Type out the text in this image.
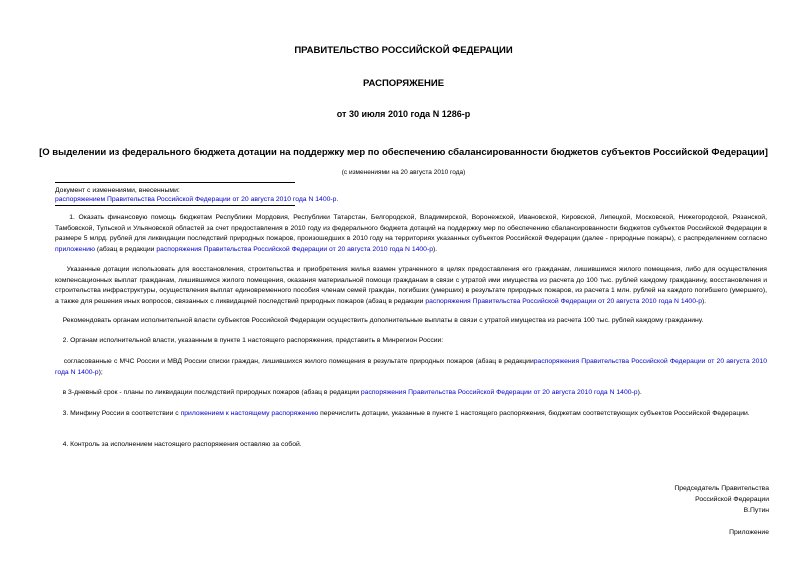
ПРАВИТЕЛЬСТВО РОССИЙСКОЙ ФЕДЕРАЦИИ
РАСПОРЯЖЕНИЕ
от 30 июля 2010 года N 1286-р
[О выделении из федерального бюджета дотации на поддержку мер по обеспечению сбалансированности бюджетов субъектов Российской Федерации]
(с изменениями на 20 августа 2010 года)
Документ с изменениями, внесенными:
распоряжением Правительства Российской Федерации от 20 августа 2010 года N 1400-р.
1. Оказать финансовую помощь бюджетам Республики Мордовия, Республики Татарстан, Белгородской, Владимирской, Воронежской, Ивановской, Кировской, Липецкой, Московской, Нижегородской, Рязанской, Тамбовской, Тульской и Ульяновской областей за счет предоставления в 2010 году из федерального бюджета дотаций на поддержку мер по обеспечению сбалансированности бюджетов субъектов Российской Федерации в размере 5 млрд. рублей для ликвидации последствий природных пожаров, произошедших в 2010 году на территориях указанных субъектов Российской Федерации (далее - природные пожары), с распределением согласно приложению (абзац в редакции распоряжения Правительства Российской Федерации от 20 августа 2010 года N 1400-р).
Указанные дотации использовать для восстановления, строительства и приобретения жилья взамен утраченного в целях предоставления его гражданам, лишившимся жилого помещения, либо для осуществления компенсационных выплат гражданам, лишившимся жилого помещения, оказания материальной помощи гражданам в связи с утратой ими имущества из расчета до 100 тыс. рублей каждому гражданину, восстановления и строительства инфраструктуры, осуществления выплат единовременного пособия членам семей граждан, погибших (умерших) в результате природных пожаров, из расчета 1 млн. рублей на каждого погибшего (умершего), а также для решения иных вопросов, связанных с ликвидацией последствий природных пожаров (абзац в редакции распоряжения Правительства Российской Федерации от 20 августа 2010 года N 1400-р).
Рекомендовать органам исполнительной власти субъектов Российской Федерации осуществить дополнительные выплаты в связи с утратой имущества из расчета 100 тыс. рублей каждому гражданину.
2. Органам исполнительной власти, указанным в пункте 1 настоящего распоряжения, представить в Минрегион России:
согласованные с МЧС России и МВД России списки граждан, лишившихся жилого помещения в результате природных пожаров (абзац в редакциираспоряжения Правительства Российской Федерации от 20 августа 2010 года N 1400-р);
в 3-дневный срок - планы по ликвидации последствий природных пожаров (абзац в редакции распоряжения Правительства Российской Федерации от 20 августа 2010 года N 1400-р).
3. Минфину России в соответствии с приложением к настоящему распоряжению перечислить дотации, указанные в пункте 1 настоящего распоряжения, бюджетам соответствующих субъектов Российской Федерации.
4. Контроль за исполнением настоящего распоряжения оставляю за собой.
Председатель Правительства
Российской Федерации
В.Путин
Приложение
